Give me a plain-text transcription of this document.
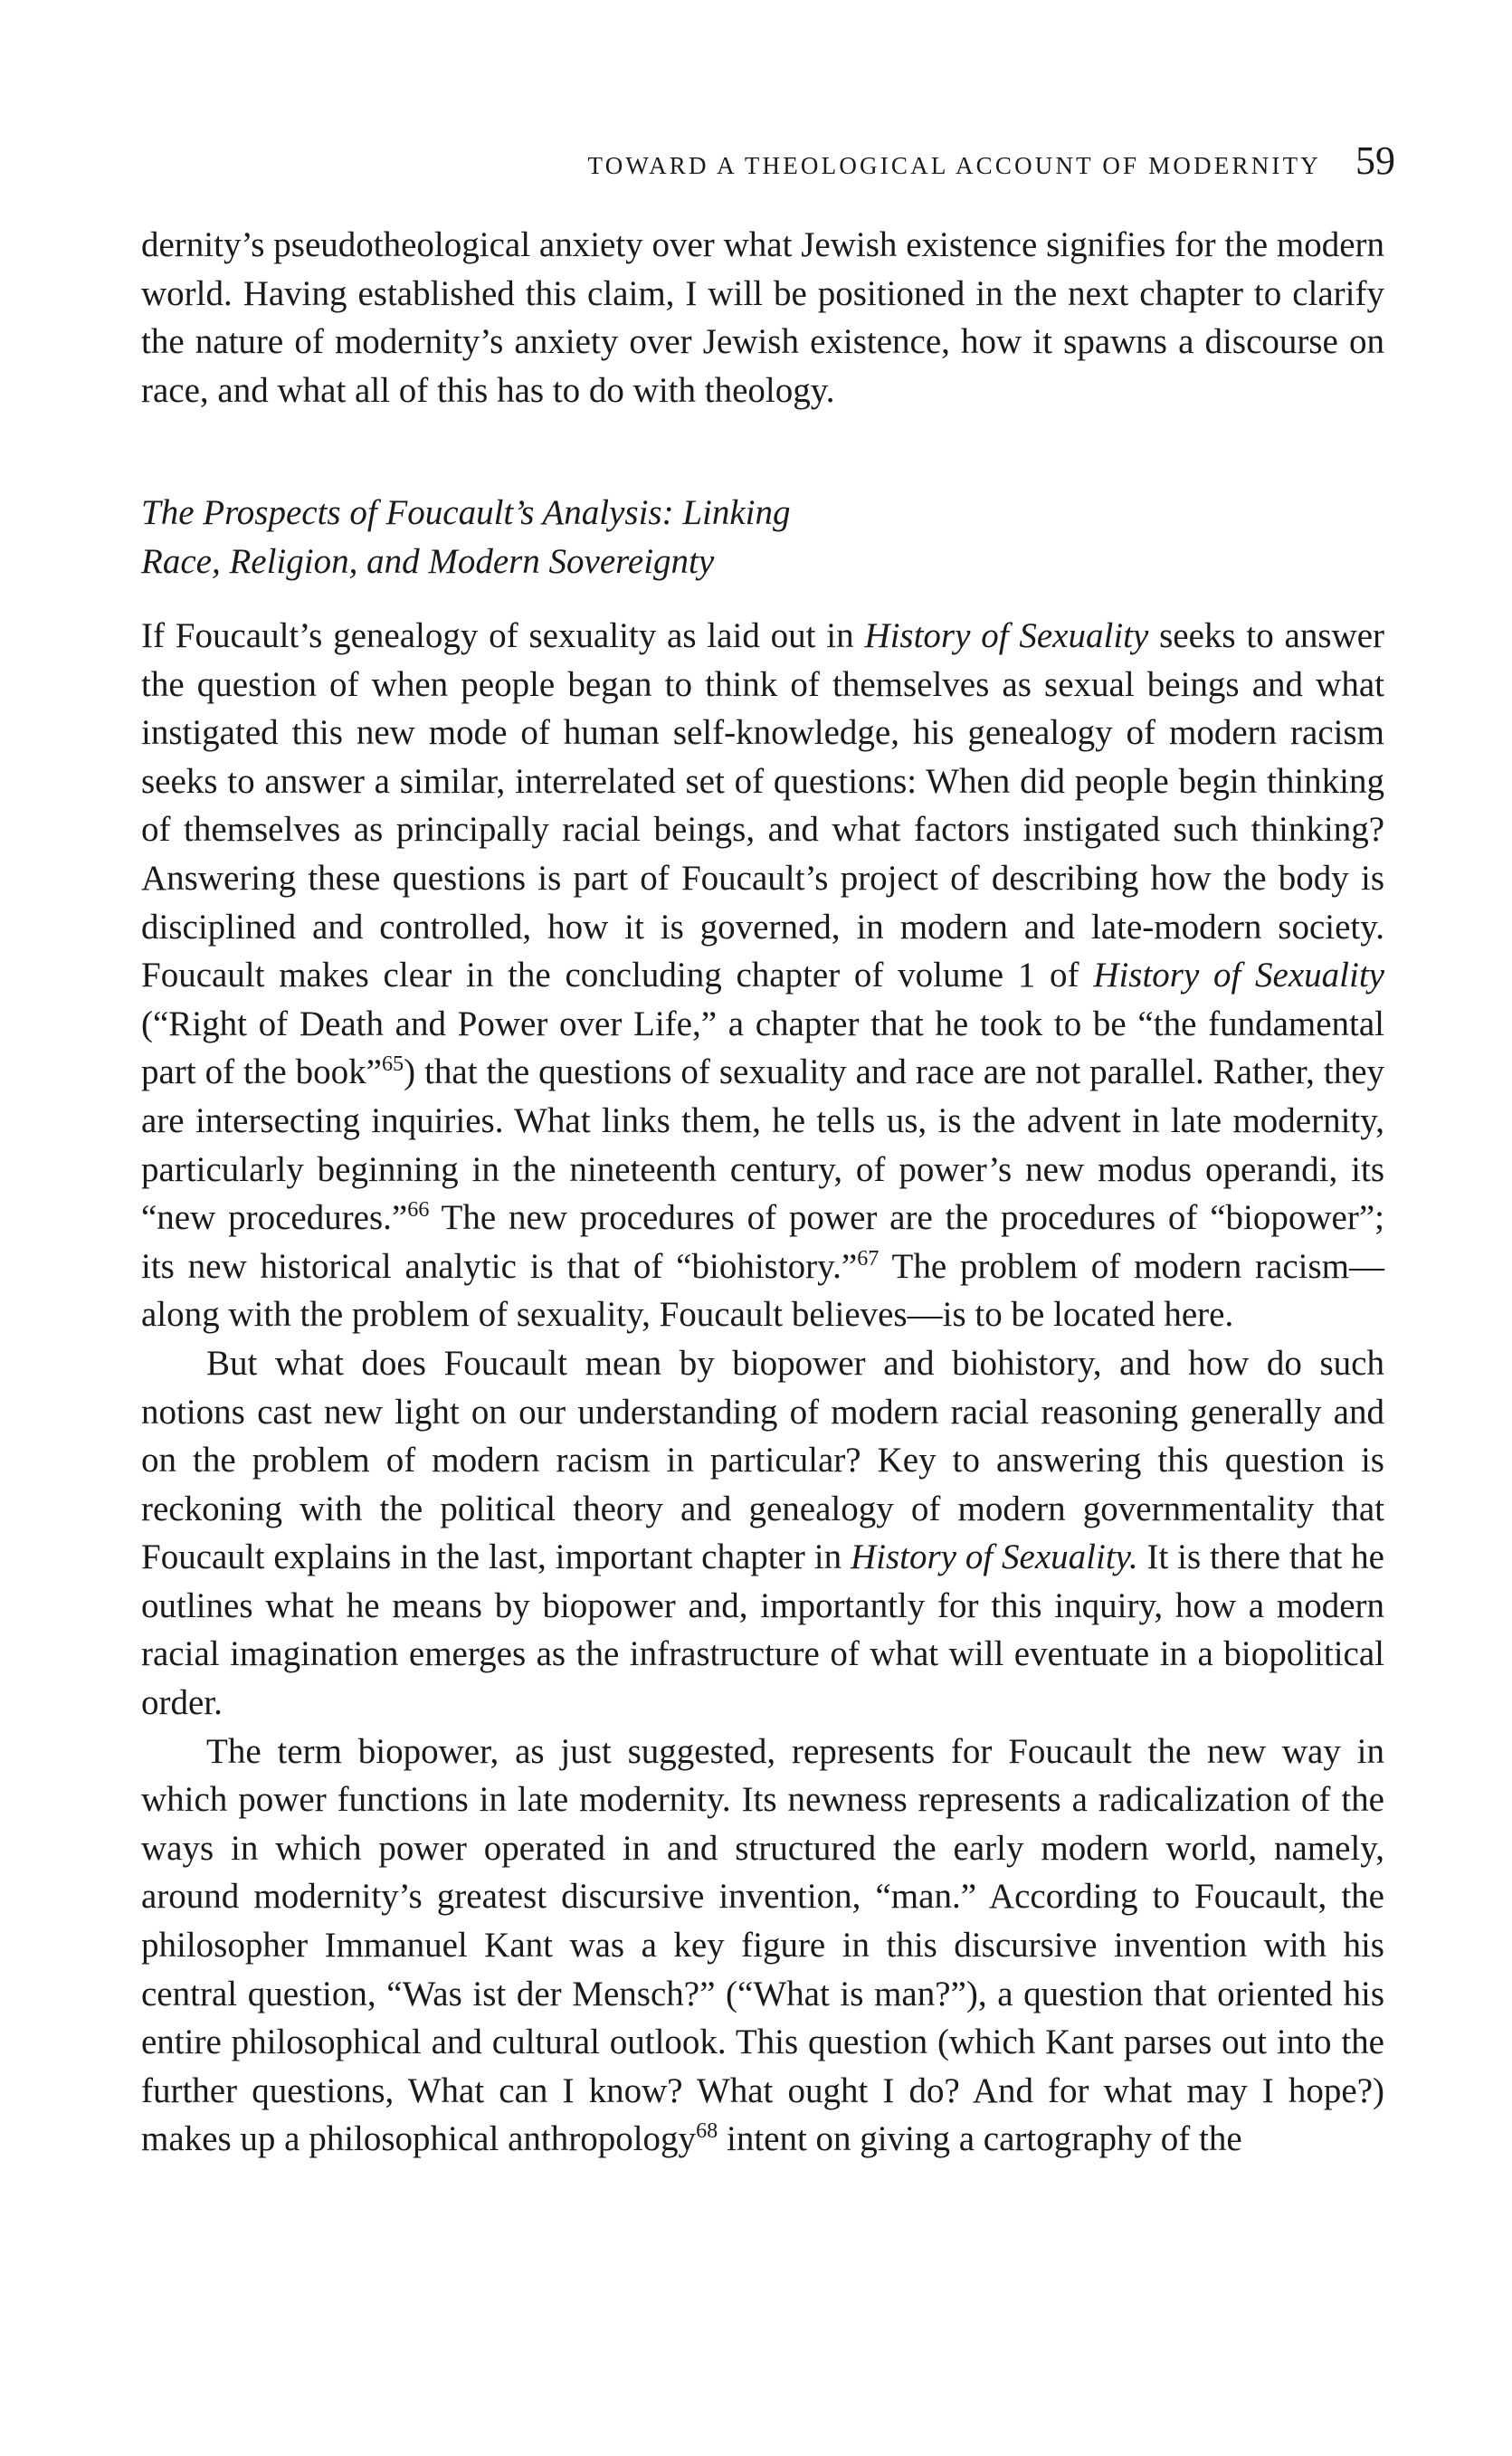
TOWARD A THEOLOGICAL ACCOUNT OF MODERNITY 59

dernity’s pseudotheological anxiety over what Jewish existence signifies for the modern world. Having established this claim, I will be positioned in the next chapter to clarify the nature of modernity’s anxiety over Jewish existence, how it spawns a discourse on race, and what all of this has to do with theology.

The Prospects of Foucault’s Analysis: Linking
Race, Religion, and Modern Sovereignty

If Foucault’s genealogy of sexuality as laid out in History of Sexuality seeks to answer the question of when people began to think of themselves as sexual beings and what instigated this new mode of human self-knowledge, his genealogy of modern racism seeks to answer a similar, interrelated set of questions: When did people begin thinking of themselves as principally racial beings, and what factors instigated such thinking? Answering these questions is part of Foucault’s project of describing how the body is disciplined and controlled, how it is governed, in modern and late-modern society. Foucault makes clear in the concluding chapter of volume 1 of History of Sexuality (“Right of Death and Power over Life,” a chapter that he took to be “the fundamental part of the book”$^{65}$) that the questions of sexuality and race are not parallel. Rather, they are intersecting inquiries. What links them, he tells us, is the advent in late modernity, particularly beginning in the nineteenth century, of power’s new modus operandi, its “new procedures.”$^{66}$ The new procedures of power are the procedures of “biopower”; its new historical analytic is that of “biohistory.”$^{67}$ The problem of modern racism—along with the problem of sexuality, Foucault believes—is to be located here.

But what does Foucault mean by biopower and biohistory, and how do such notions cast new light on our understanding of modern racial reasoning generally and on the problem of modern racism in particular? Key to answering this question is reckoning with the political theory and genealogy of modern governmentality that Foucault explains in the last, important chapter in History of Sexuality. It is there that he outlines what he means by biopower and, importantly for this inquiry, how a modern racial imagination emerges as the infrastructure of what will eventuate in a biopolitical order.

The term biopower, as just suggested, represents for Foucault the new way in which power functions in late modernity. Its newness represents a radicalization of the ways in which power operated in and structured the early modern world, namely, around modernity’s greatest discursive invention, “man.” According to Foucault, the philosopher Immanuel Kant was a key figure in this discursive invention with his central question, “Was ist der Mensch?” (“What is man?”), a question that oriented his entire philosophical and cultural outlook. This question (which Kant parses out into the further questions, What can I know? What ought I do? And for what may I hope?) makes up a philosophical anthropology$^{68}$ intent on giving a cartography of the
